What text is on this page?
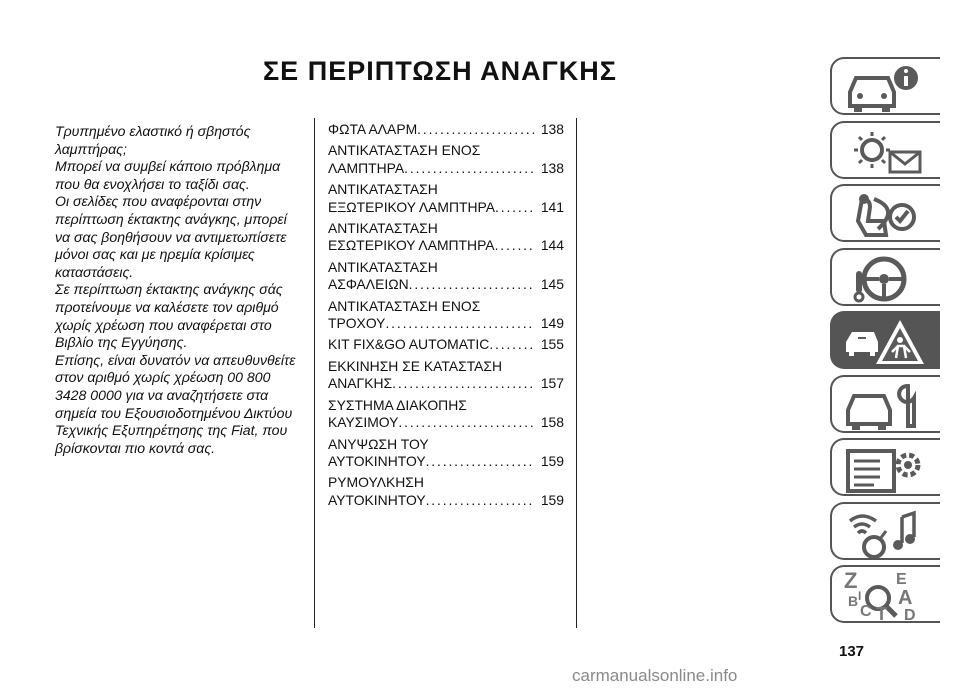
ΣΕ ΠΕΡΙΠΤΩΣΗ ΑΝΑΓΚΗΣ

Τρυπημένο ελαστικό ή σβηστός λαμπτήρας;

Μπορεί να συμβεί κάποιο πρόβλημα που θα ενοχλήσει το ταξίδι σας.

Οι σελίδες που αναφέρονται στην περίπτωση έκτακτης ανάγκης, μπορεί να σας βοηθήσουν να αντιμετωπίσετε μόνοι σας και με ηρεμία κρίσιμες καταστάσεις.

Σε περίπτωση έκτακτης ανάγκης σάς προτείνουμε να καλέσετε τον αριθμό χωρίς χρέωση που αναφέρεται στο Βιβλίο της Εγγύησης.

Επίσης, είναι δυνατόν να απευθυνθείτε στον αριθμό χωρίς χρέωση 00 800 3428 0000 για να αναζητήσετε στα σημεία του Εξουσιοδοτημένου Δικτύου Τεχνικής Εξυπηρέτησης της Fiat, που βρίσκονται πιο κοντά σας.

ΦΩΤΑ ΑΛΑΡΜ . . .	138
ΑΝΤΙΚΑΤΑΣΤΑΣΗ ΕΝΟΣ
ΛΑΜΠΤΗΡΑ . . .	138
ΑΝΤΙΚΑΤΑΣΤΑΣΗ
ΕΞΩΤΕΡΙΚΟΥ ΛΑΜΠΤΗΡΑ . . .	141
ΑΝΤΙΚΑΤΑΣΤΑΣΗ
ΕΣΩΤΕΡΙΚΟΥ ΛΑΜΠΤΗΡΑ . . .	144
ΑΝΤΙΚΑΤΑΣΤΑΣΗ
ΑΣΦΑΛΕΙΩΝ . . .	145
ΑΝΤΙΚΑΤΑΣΤΑΣΗ ΕΝΟΣ
ΤΡΟΧΟΥ . . .	149
KIT FIX&GO AUTOMATIC . . .	155
ΕΚΚΙΝΗΣΗ ΣΕ ΚΑΤΑΣΤΑΣΗ
ΑΝΑΓΚΗΣ . . .	157
ΣΥΣΤΗΜΑ ΔΙΑΚΟΠΗΣ
ΚΑΥΣΙΜΟΥ . . .	158
ΑΝΥΨΩΣΗ ΤΟΥ
ΑΥΤΟΚΙΝΗΤΟΥ . . .	159
ΡΥΜΟΥΛΚΗΣΗ
ΑΥΤΟΚΙΝΗΤΟΥ . . .	159
Z E
A
B
C T D
I
137
carmanualsonline.info
